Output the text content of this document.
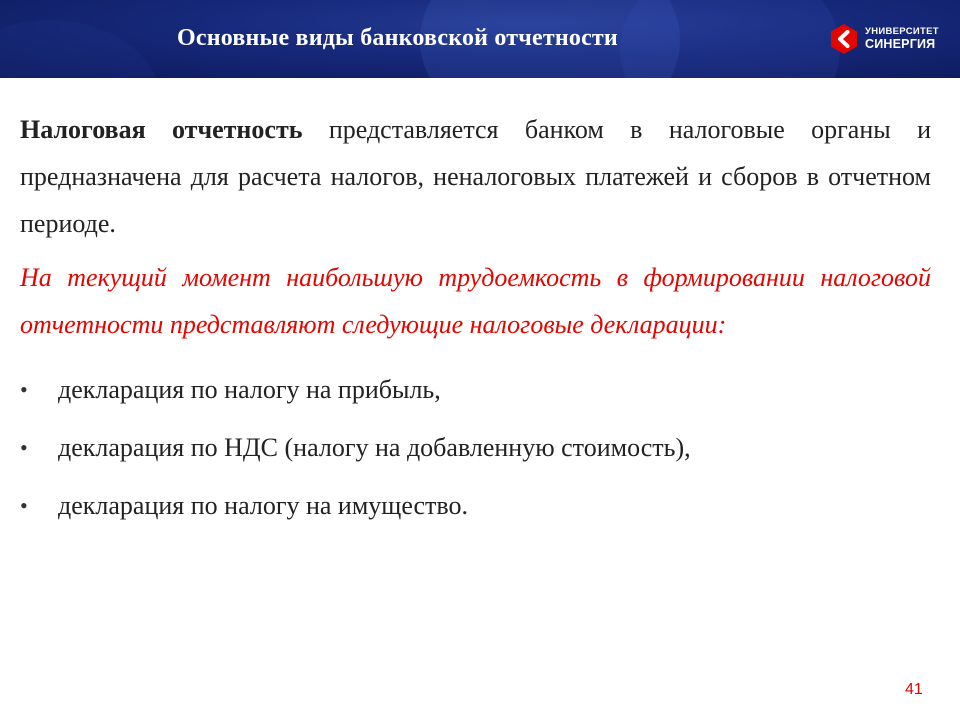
Основные виды банковской отчетности	УНИВЕРСИТЕТ
СИНЕРГИЯ

Налоговая отчетность представляется банком в налоговые органы и предназначена для расчета налогов, неналоговых платежей и сборов в отчетном периоде.

На текущий момент наибольшую трудоемкость в формировании налоговой отчетности представляют следующие налоговые декларации:

• декларация по налогу на прибыль,
• декларация по НДС (налогу на добавленную стоимость),
• декларация по налогу на имущество.
41
